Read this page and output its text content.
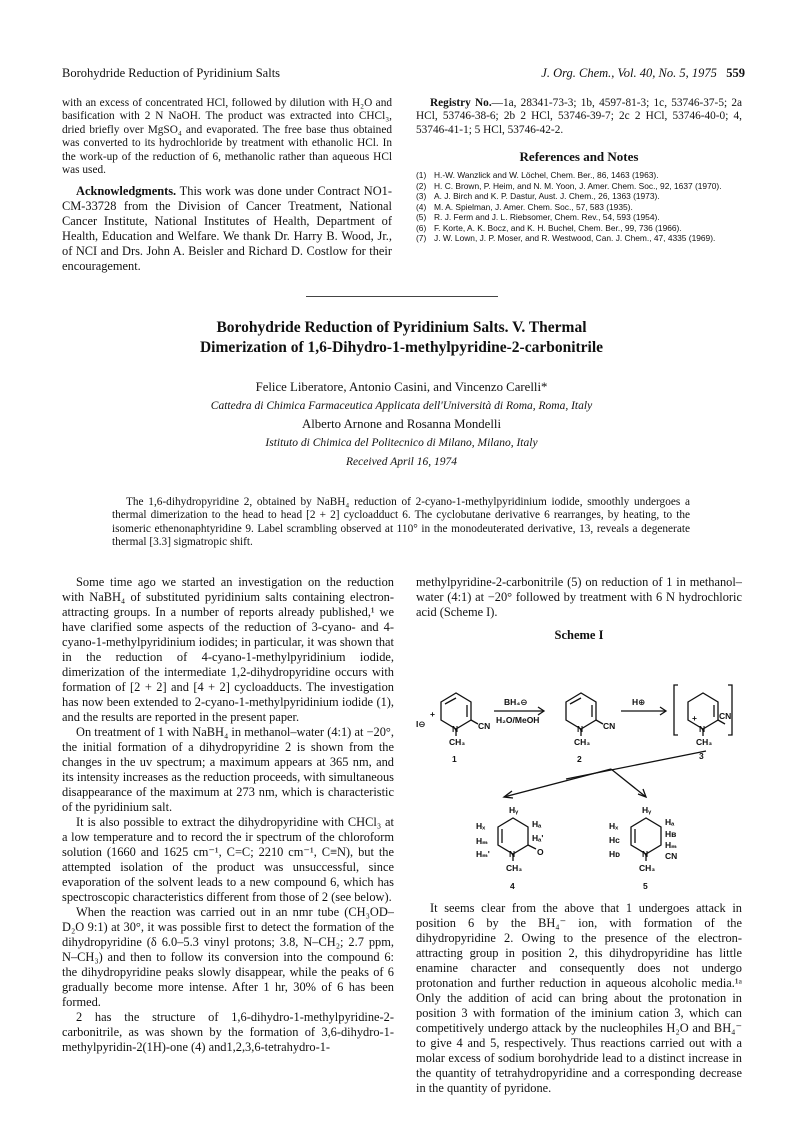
Borohydride Reduction of Pyridinium Salts	J. Org. Chem., Vol. 40, No. 5, 1975 559

with an excess of concentrated HCl, followed by dilution with H₂O and basification with 2 N NaOH. The product was extracted into CHCl₃, dried briefly over MgSO₄ and evaporated. The free base thus obtained was converted to its hydrochloride by treatment with ethanolic HCl. In the work-up of the reduction of 6, methanolic rather than aqueous HCl was used.

Acknowledgments. This work was done under Contract NO1-CM-33728 from the Division of Cancer Treatment, National Cancer Institute, National Institutes of Health, Department of Health, Education and Welfare. We thank Dr. Harry B. Wood, Jr., of NCI and Drs. John A. Beisler and Richard D. Costlow for their encouragement.

Registry No.—1a, 28341-73-3; 1b, 4597-81-3; 1c, 53746-37-5; 2a HCl, 53746-38-6; 2b 2 HCl, 53746-39-7; 2c 2 HCl, 53746-40-0; 4, 53746-41-1; 5 HCl, 53746-42-2.

References and Notes
(1) H.-W. Wanzlick and W. Löchel, Chem. Ber., 86, 1463 (1963).
(2) H. C. Brown, P. Heim, and N. M. Yoon, J. Amer. Chem. Soc., 92, 1637 (1970).
(3) A. J. Birch and K. P. Dastur, Aust. J. Chem., 26, 1363 (1973).
(4) M. A. Spielman, J. Amer. Chem. Soc., 57, 583 (1935).
(5) R. J. Ferm and J. L. Riebsomer, Chem. Rev., 54, 593 (1954).
(6) F. Korte, A. K. Bocz, and K. H. Buchel, Chem. Ber., 99, 736 (1966).
(7) J. W. Lown, J. P. Moser, and R. Westwood, Can. J. Chem., 47, 4335 (1969).
Borohydride Reduction of Pyridinium Salts. V. Thermal
Dimerization of 1,6-Dihydro-1-methylpyridine-2-carbonitrile
Felice Liberatore, Antonio Casini, and Vincenzo Carelli*
Cattedra di Chimica Farmaceutica Applicata dell'Università di Roma, Roma, Italy
Alberto Arnone and Rosanna Mondelli
Istituto di Chimica del Politecnico di Milano, Milano, Italy
Received April 16, 1974
The 1,6-dihydropyridine 2, obtained by NaBH₄ reduction of 2-cyano-1-methylpyridinium iodide, smoothly undergoes a thermal dimerization to the head to head [2 + 2] cycloadduct 6. The cyclobutane derivative 6 rearranges, by heating, to the isomeric ethenonaphtyridine 9. Label scrambling observed at 110° in the monodeuterated derivative, 13, reveals a degenerate thermal [3.3] sigmatropic shift.

Some time ago we started an investigation on the reduction with NaBH₄ of substituted pyridinium salts containing electron-attracting groups. In a number of reports already published,¹ we have clarified some aspects of the reduction of 3-cyano- and 4-cyano-1-methylpyridinium iodides; in particular, it was shown that in the reduction of 4-cyano-1-methylpyridinium iodide, dimerization of the intermediate 1,2-dihydropyridine occurs with formation of [2 + 2] and [4 + 2] cycloadducts. The investigation has now been extended to 2-cyano-1-methylpyridinium iodide (1), and the results are reported in the present paper.

On treatment of 1 with NaBH₄ in methanol–water (4:1) at −20°, the initial formation of a dihydropyridine 2 is shown from the changes in the uv spectrum; a maximum appears at 365 nm, and its intensity increases as the reduction proceeds, with simultaneous disappearance of the maximum at 273 nm, which is characteristic of the pyridinium salt.

It is also possible to extract the dihydropyridine with CHCl₃ at a low temperature and to record the ir spectrum of the chloroform solution (1660 and 1625 cm⁻¹, C=C; 2210 cm⁻¹, C≡N), but the attempted isolation of the product was unsuccessful, since evaporation of the solvent leads to a new compound 6, which has spectroscopic characteristics different from those of 2 (see below).

When the reaction was carried out in an nmr tube (CH₃OD–D₂O 9:1) at 30°, it was possible first to detect the formation of the dihydropyridine (δ 6.0–5.3 vinyl protons; 3.8, N–CH₂; 2.7 ppm, N–CH₃) and then to follow its conversion into the compound 6: the dihydropyridine peaks slowly disappear, while the peaks of 6 gradually become more intense. After 1 hr, 30% of 6 has been formed.

2 has the structure of 1,6-dihydro-1-methylpyridine-2-carbonitrile, as was shown by the formation of 3,6-dihydro-1-methylpyridin-2(1H)-one (4) and1,2,3,6-tetrahydro-1-

methylpyridine-2-carbonitrile (5) on reduction of 1 in methanol–water (4:1) at −20° followed by treatment with 6 N hydrochloric acid (Scheme I).

Scheme I
I⊖
+
N CN
CH₃
1
BH₄⊖
H₂O/MeOH
N CN
CH₃
2
H⊕
N
+	CN
CH₃
3
Hᵧ
Hₓ	Hₐ
Hₐ'
Hₘ
Hₘ' N	O
CH₃
4
Hᵧ
Hₓ	Hₐ
Hʙ
Hₘ
Hᴄ
Hᴅ	N CN
CH₃
5

It seems clear from the above that 1 undergoes attack in position 6 by the BH₄⁻ ion, with formation of the dihydropyridine 2. Owing to the presence of the electron-attracting group in position 2, this dihydropyridine has little enamine character and consequently does not undergo protonation and further reduction in aqueous alcoholic media.¹ᵃ Only the addition of acid can bring about the protonation in position 3 with formation of the iminium cation 3, which can competitively undergo attack by the nucleophiles H₂O and BH₄⁻ to give 4 and 5, respectively. Thus reactions carried out with a molar excess of sodium borohydride lead to a distinct increase in the quantity of tetrahydropyridine and a corresponding decrease in the quantity of pyridone.
